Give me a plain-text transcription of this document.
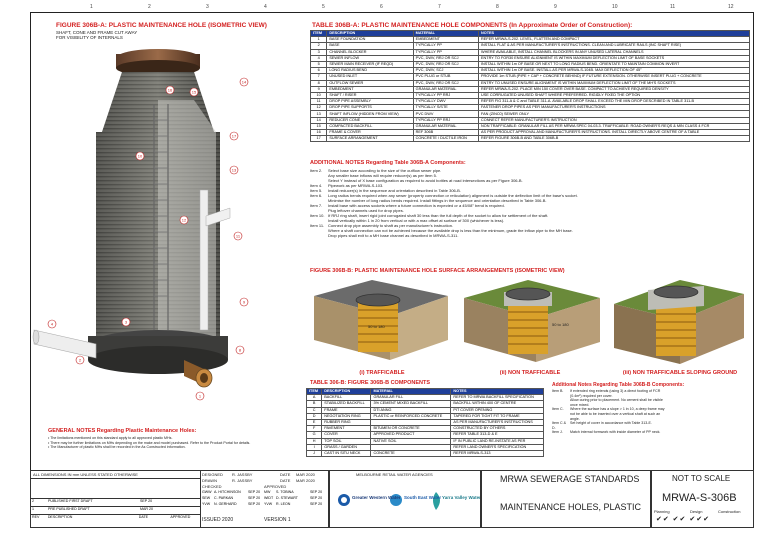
1	2	3	4	5	6	7	8	9	10	11	12
FIGURE 306B-A: PLASTIC MAINTENANCE HOLE (ISOMETRIC VIEW)
SHAFT, CONE AND FRAME CUT AWAY
FOR VISIBILITY OF INTERNALS
16	15
14
17
13
10
12
11
9
4	3
8
2
1
TABLE 306B-A: PLASTIC MAINTENANCE HOLE COMPONENTS (In Approximate Order of Construction):
ITEM	DESCRIPTION	MATERIAL	NOTES
1	BASE FOUNDATION	EMBEDMENT	REFER MRWA-S-202. LEVEL, FLATTEN AND COMPACT
2	BASE	TYPICALLY PP	INSTALL FLAT & AS PER MANUFACTURER'S INSTRUCTIONS. CLEAN AND LUBRICATE RAILS (INC SHAFT RISE)
3	CHANNEL BLOCKER	TYPICALLY PP	WHERE AVAILABLE, INSTALL CHANNEL BLOCKERS IN ANY UNUSED LATERAL CHANNELS
4	SEWER INFLOW	PVC, DWV, RRJ OR SCJ	ENTRY TO FOR30 ENSURE ALIGNMENT IS WITHIN MAXIMUM DEFLECTION LIMIT OF BASE SOCKETS
5	SEWER MAIN RECEIVER (IF REQD)	PVC, DWV, RRJ OR SCJ	INSTALL WITHIN 1m OF BASE OR NEXT TO LONG RADIUS BEND. ORIENTATE TO MAINTAIN COMMON INVERT
6	LONG RADIUS BEND	PVC, DWV, SCJ	INSTALL WITHIN 1m OF BASE. INSTALL AS PER MRWA-S-104B. MAX DEFLECTION OF 45°
7	UNUSED INLET	PVC PLUG or STUB	PROVIDE 1m STUB (PIPE + CAP + CONCRETE BEHIND) IF FUTURE EXTENSION. OTHERWISE INSERT PLUG + CONCRETE
8	OUTFLOW SEWER	PVC, DWV, RRJ OR SCJ	ENTRY TO UNUSED ENSURE ALIGNMENT IS WITHIN MAXIMUM DEFLECTION LIMIT OF THE MH'S SOCKETS
9	EMBEDMENT	GRANULAR MATERIAL	REFER MRWA-S-202. PLACE MIN 150 COVER OVER BASE. COMPACT TO ACHIEVE REQUIRED DENSITY
10	SHAFT / RISER	TYPICALLY PP RRJ	USE CORRUGATED UNUSED SHAFT WHERE PREFERRED. RIGIDLY FIXED THE OPTION
11	DROP PIPE ASSEMBLY	TYPICALLY DWV	REFER FIG 311-A & C and TABLE 311-A. AVAILABLE DROP SHALL EXCEED THE MIN DROP DESCRIBED IN TABLE 311-B
12	DROP PIPE SUPPORTS	TYPICALLY S/STE	FASTENER DROP PIPES AS PER MANUFACTURER'S INSTRUCTIONS
13	SHAFT INFLOW (HIDDEN FROM VIEW)	PVC DWV	FAN (ZINC0) SEWER ONLY
14	REDUCER CONE	TYPICALLY PP RRJ	CONNECT REFER MANUFACTURER'S INSTRUCTION
15	COMPACTED BACKFILL	GRANULAR MATERIAL	NON TRAFFICABLE: GRANULAR FILL AS PER MRWA SPEC 04-03.3. TRAFFICABLE: ROAD OWNER'S REQS & MIN CLASS 4 FCR
16	FRAME & COVER	REF 306B	AS PER PRODUCT APPROVAL AND MANUFACTURER'S INSTRUCTIONS. INSTALL DIRECTLY ABOVE CENTRE OF A TABLE
17	SURFACE ARRANGEMENT	CONCRETE / DUCTILE IRON	REFER FIGURE 306B-B AND TABLE 306B-B
ADDITIONAL NOTES Regarding Table 306B-A Components:
Item 2.	Select base size according to the size of the outflow sewer pipe.
Any smaller base inflows will require reducer(s) as per item 5.
Select Y instead of X base configuration as required to avoid bottles at road intersections as per Figure 306-B.
Item 4.	Pipework as per MRWA-S-103.
Item 5.	Install reducer(s) in the sequence and orientation described in Table 306-B.
Item 6.	Long radius bends required when any sewer (property connection or reticulation) alignment is outside the deflection limit of the base's socket.
Minimise the number of long radius bends required. Install fittings in the sequence and orientation described in Table 306-B.
Item 7.	Install base with access sockets where a future connection is expected or a 45/08° bend is required.
Plug leftover channels used for drop pipes.
Item 10. If RRJ ring shaft, insert rigid joint corrugated shaft 30 less than the full depth of the socket to allow for settlement of the shaft.
Install vertically within 1 in 20 from vertical or with a max offset at surface of 300 (whichever is less).
Item 11. Connect drop pipe assembly to shaft as per manufacturer's instruction.
Where a shaft connection can not be achieved because the available drop is less than the minimum, grade the inflow pipe to the MH base.
Drop pipes shall exit to a MH base channel as described in MRWA-S-311.
FIGURE 306B-B: PLASTIC MAINTENANCE HOLE SURFACE ARRANGEMENTS (ISOMETRIC VIEW)
50 to 180	50 to 180
(i) TRAFFICABLE	(ii) NON TRAFFICABLE	(iii) NON TRAFFICABLE SLOPING GROUND
TABLE 306-B: FIGURE 306B-B COMPONENTS
ITEM	DESCRIPTION	MATERIAL	NOTES
A	BACKFILL	GRANULAR FILL	REFER TO MRWA BACKFILL SPECIFICATION
B	STABILIZED BACKFILL	3% CEMENT MIXED BACKFILL	BACKFILL WITHIN 400 OF CENTRE
C	FRAME	DTI ANNG	PIT COVER OPENING
D	NEGOTIATION RING	PLASTIC or REINFORCED CONCRETE	TAPERED FOR TIGHT FIT TO FRAME
E	RUBBER RING		AS PER MANUFACTURER'S INSTRUCTIONS
F	PAVEMENT	BITUMEN OR CONCRETE	CONSTRUCTED BY OTHERS
G	COVER	APPROVED PRODUCT	REFER TABLE 313-D & E
H	TOP SOIL	NATIVE SOIL	IF IN PUBLIC LAND RE-INSTATE AS PER
I	GRASS / GARDEN		REFER LAND OWNER'S SPECIFICATION
J	CAST IN SITU NECK	CONCRETE	REFER MRWA-S-313
Additional Notes Regarding Table 306B-B Components:
Item B.	If extended ring extends (using 3) a direct footing of FCR
(0.4m²) required per cover.
Allow curing prior to placement. No cement shall be visible
once mixed.
Item C.	Where the surface has a slope > 1 in 10, a deep frame may
not be able to be inserted over a vertical shaft at such an
angle.
Item C & D.
Set height of cover in accordance with Table 313-E.
Item J.	Match internal formwork with inside diameter of PP neck.
GENERAL NOTES Regarding Plastic Maintenance Holes:
• The limitations mentioned on this standard apply to all approved plastic MHs.
• There may be further limitations on MHs depending on the make and model purchased. Refer to the Product Portal for details.
• The Manufacturer of plastic MHs shall be recorded in the As Constructed information.
ALL DIMENSIONS IN mm UNLESS STATED OTHERWISE
2	PUBLISHED FIRST DRAFT	SEP 20
1	PRE PUBLISHED DRAFT	MAR 20
REV	DESCRIPTION	DATE	APPROVED
DESIGNED R. JASSBY	DATE MAR 2020
DRAWN	R. JASSBY	DATE MAR 2020
CHECKED	APPROVED
GWW A. HITCHINSON	SEP 20	MW	S. TOBINA	SEP 20
SEW	C. PARKAN	SEP 20	WIDT D. STEWART	SEP 20
YVW	N. GERHARD	SEP 20	YVW	R. LEON	SEP 20
ISSUED 2020	VERSION 1
MELBOURNE RETAIL WATER AGENCIES
Greater Western Water South East Water Yarra Valley Water
MRWA SEWERAGE STANDARDS
MAINTENANCE HOLES, PLASTIC
NOT TO SCALE
MRWA-S-306B
Planning	Design	Construction
✔✔ ✔✔ ✔✔✔
